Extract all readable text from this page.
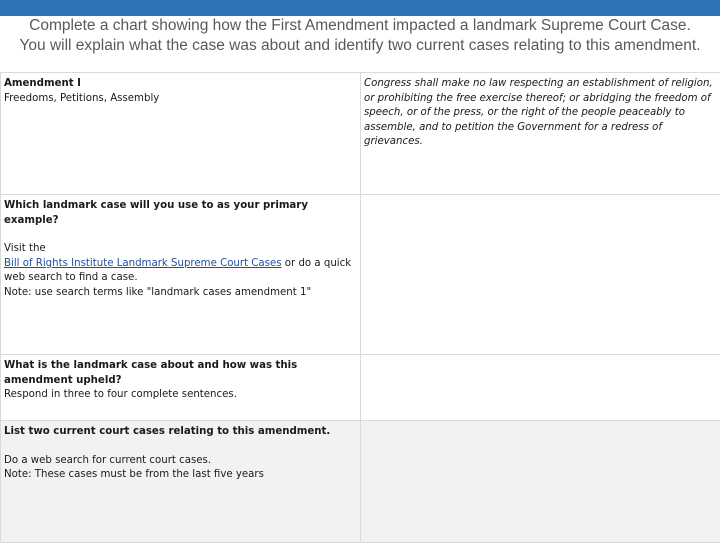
Complete a chart showing how the First Amendment impacted a landmark Supreme Court Case.
You will explain what the case was about and identify two current cases relating to this amendment.
Amendment I
Freedoms, Petitions, Assembly	Congress shall make no law respecting an establishment of religion, or prohibiting the free exercise thereof; or abridging the freedom of speech, or of the press, or the right of the people peaceably to assemble, and to petition the Government for a redress of grievances.

Which landmark case will you use to as your primary example?
Visit the
Bill of Rights Institute Landmark Supreme Court Cases or do a quick web search to find a case.
Note: use search terms like "landmark cases amendment 1"	

What is the landmark case about and how was this amendment upheld?
Respond in three to four complete sentences.	

List two current court cases relating to this amendment.
Do a web search for current court cases.
Note: These cases must be from the last five years	
